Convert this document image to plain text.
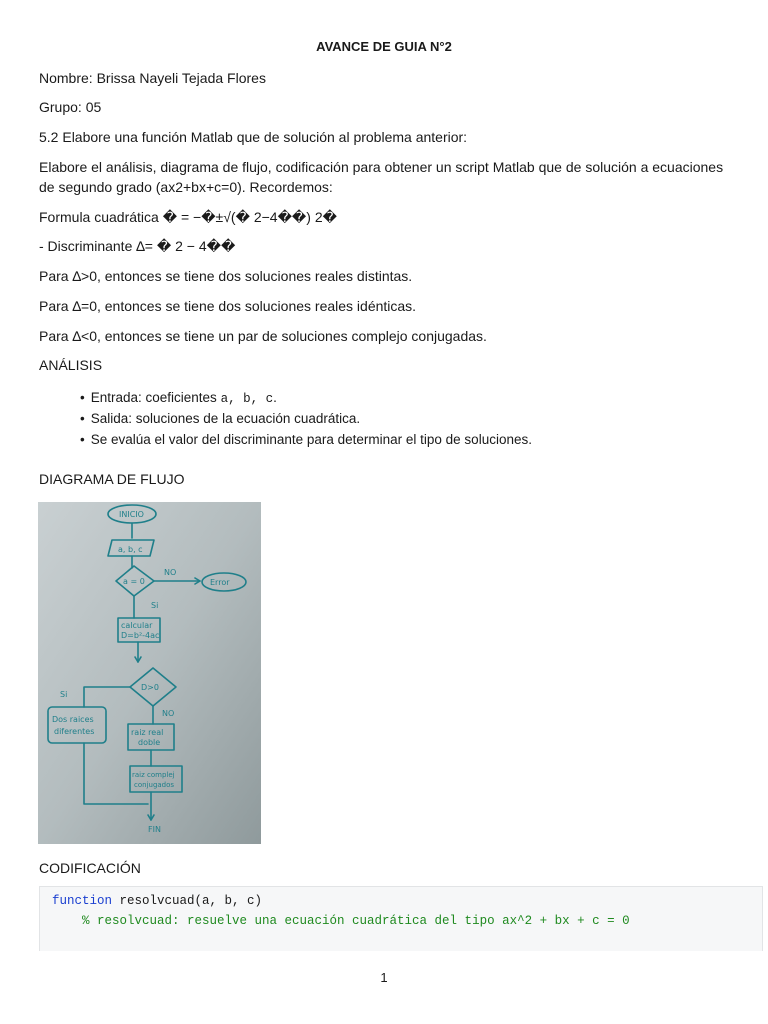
AVANCE DE GUIA N°2
Nombre: Brissa Nayeli Tejada Flores
Grupo: 05
5.2 Elabore una función Matlab que de solución al problema anterior:
Elabore el análisis, diagrama de flujo, codificación para obtener un script Matlab que de solución a ecuaciones de segundo grado (ax2+bx+c=0). Recordemos:
Formula cuadrática � = −�±√(� 2−4��) 2�
- Discriminante ∆= � 2 − 4��
Para ∆>0, entonces se tiene dos soluciones reales distintas.
Para ∆=0, entonces se tiene dos soluciones reales idénticas.
Para ∆<0, entonces se tiene un par de soluciones complejo conjugadas.
ANÁLISIS
• Entrada: coeficientes a, b, c.
• Salida: soluciones de la ecuación cuadrática.
• Se evalúa el valor del discriminante para determinar el tipo de soluciones.
DIAGRAMA DE FLUJO
INICIO
a, b, c
a = 0
NO
Error
Si
calcular
D=b²-4ac
D>0
Si
NO
Dos raices
diferentes	raiz real
doble
raiz complej
conjugados
FIN
CODIFICACIÓN
function resolvcuad(a, b, c)
% resolvcuad: resuelve una ecuación cuadrática del tipo ax^2 + bx + c = 0
1
